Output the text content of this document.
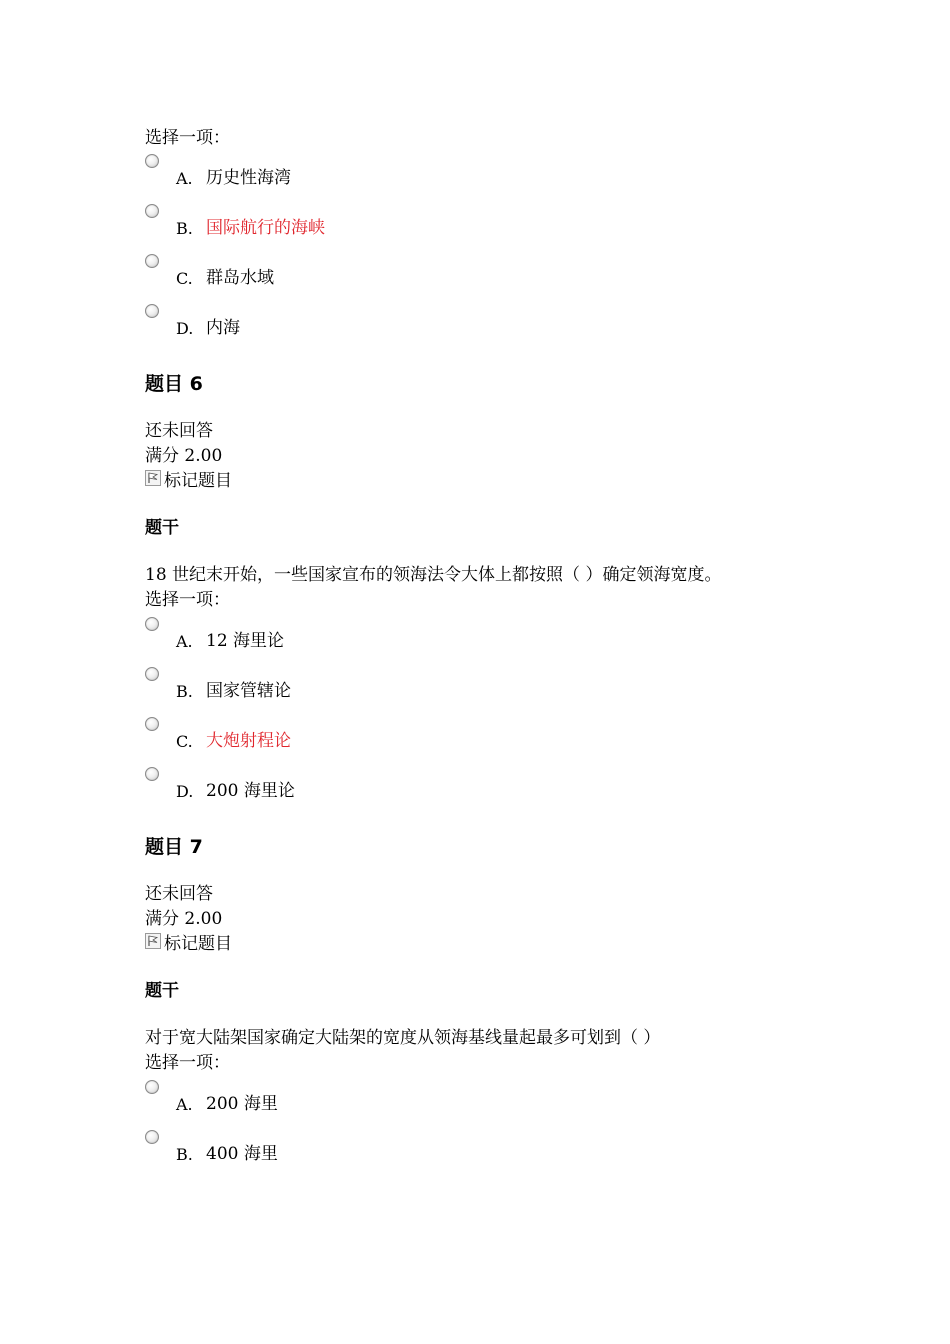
选择一项：
A. 历史性海湾
B. 国际航行的海峡
C. 群岛水域
D. 内海
题目 6
还未回答
满分 2.00
标记题目
题干
18 世纪末开始，一些国家宣布的领海法令大体上都按照（ ）确定领海宽度。
选择一项：
A. 12 海里论
B. 国家管辖论
C. 大炮射程论
D. 200 海里论
题目 7
还未回答
满分 2.00
标记题目
题干
对于宽大陆架国家确定大陆架的宽度从领海基线量起最多可划到（ ）
选择一项：
A. 200 海里
B. 400 海里
